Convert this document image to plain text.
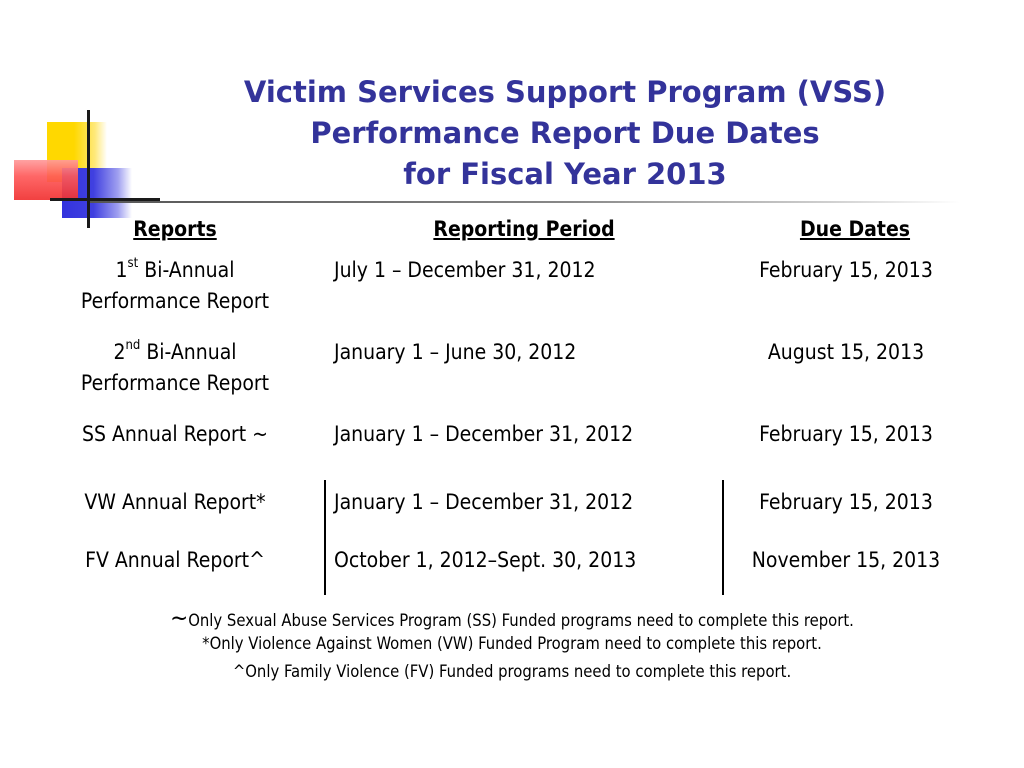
Victim Services Support Program (VSS)
Performance Report Due Dates
for Fiscal Year 2013
Reports	Reporting Period	Due Dates
1st Bi-Annual
Performance Report
July 1 – December 31, 2012	February 15, 2013
2nd Bi-Annual
Performance Report
January 1 – June 30, 2012	August 15, 2013
SS Annual Report ~	January 1 – December 31, 2012	February 15, 2013
VW Annual Report*	January 1 – December 31, 2012	February 15, 2013
FV Annual Report^	October 1, 2012–Sept. 30, 2013	November 15, 2013
~Only Sexual Abuse Services Program (SS) Funded programs need to complete this report.
*Only Violence Against Women (VW) Funded Program need to complete this report.
^Only Family Violence (FV) Funded programs need to complete this report.
